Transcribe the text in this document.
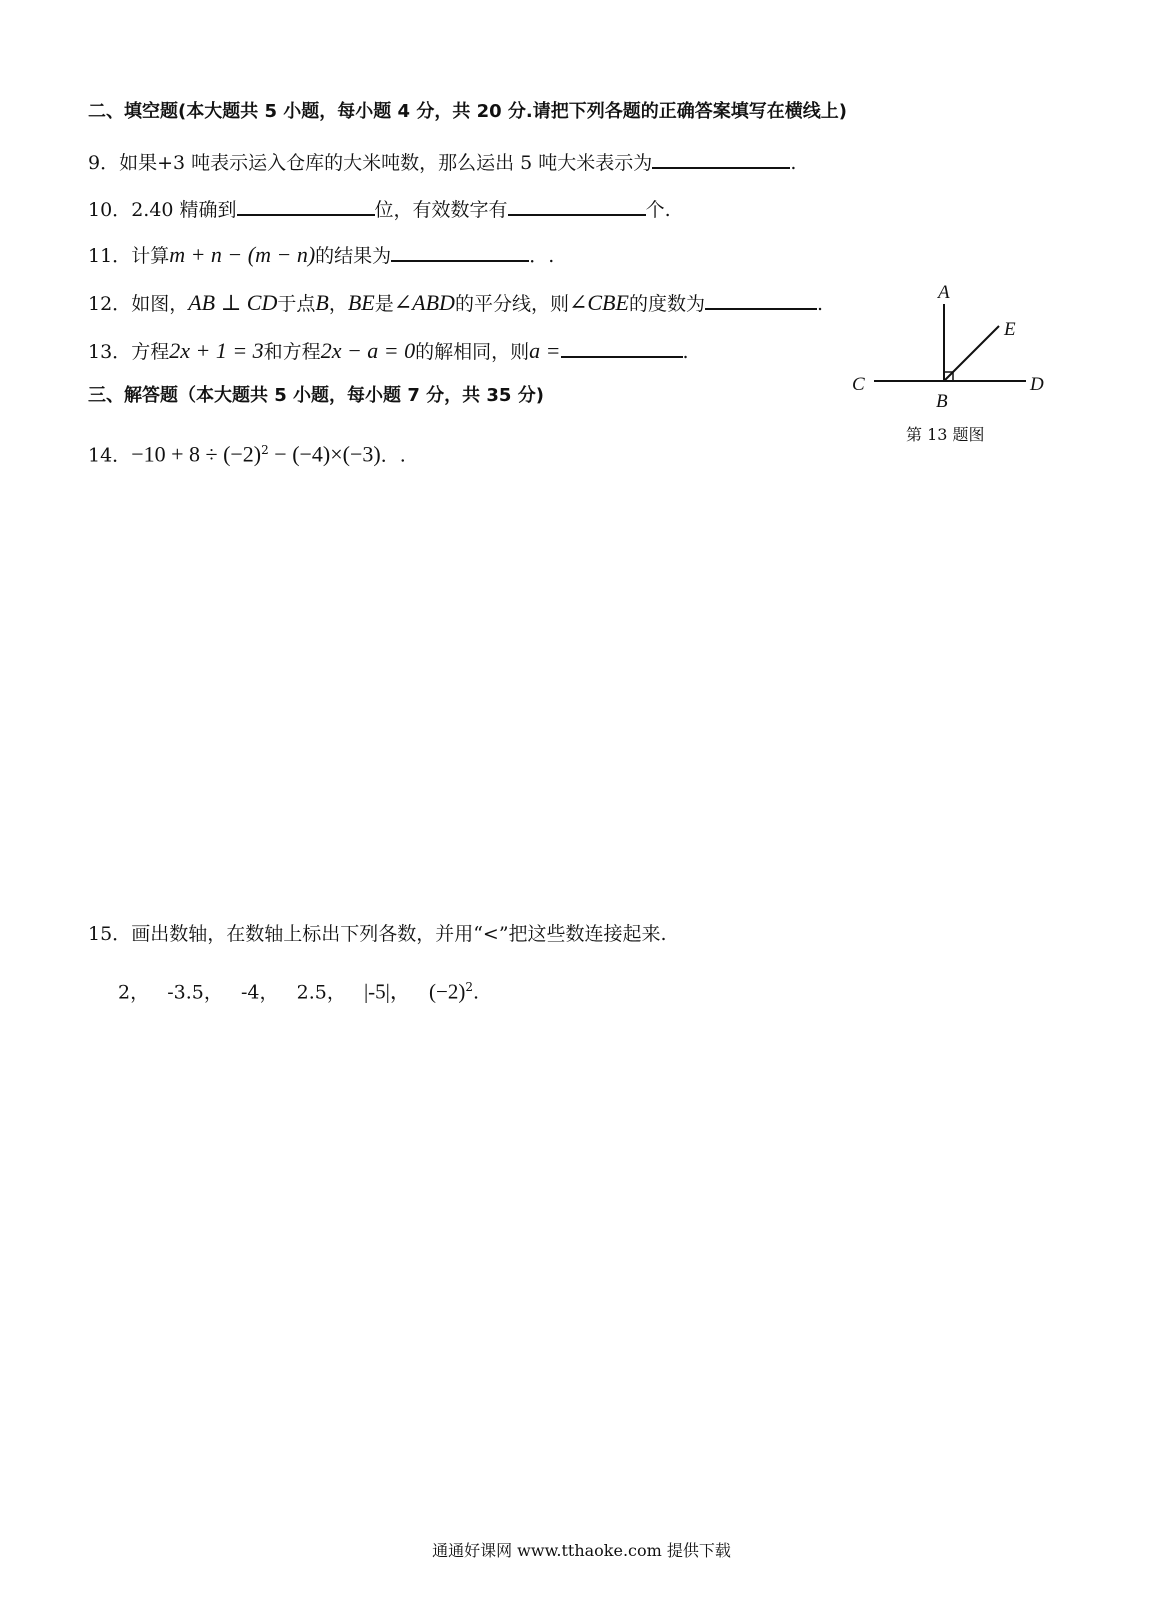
二、填空题(本大题共 5 小题，每小题 4 分，共 20 分.请把下列各题的正确答案填写在横线上)
9．如果+3 吨表示运入仓库的大米吨数，那么运出 5 吨大米表示为	.
10．2.40 精确到	位，有效数字有	个.
11．计算m + n − (m − n)的结果为	．.
12．如图，AB ⊥ CD于点B，BE是∠ABD的平分线，则∠CBE的度数为	.
13．方程2x + 1 = 3和方程2x − a = 0的解相同，则a =	.
三、解答题（本大题共 5 小题，每小题 7 分，共 35 分)
14．$-10 + 8 \div (-2)^2 - (-4)\times(-3)$．.
15．画出数轴，在数轴上标出下列各数，并用“<”把这些数连接起来.
2， -3.5， -4， 2.5， |-5|， $(-2)^2$.
A
E
C
B
D
第 13 题图
通通好课网 www.tthaoke.com 提供下载
